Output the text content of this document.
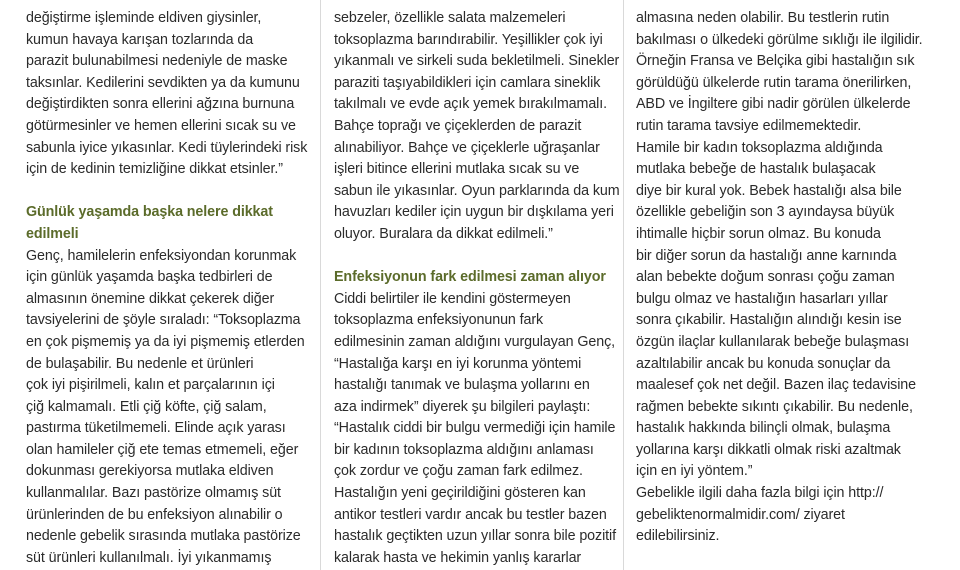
değiştirme işleminde eldiven giysinler,
kumun havaya karışan tozlarında da
parazit bulunabilmesi nedeniyle de maske
taksınlar. Kedilerini sevdikten ya da kumunu
değiştirdikten sonra ellerini ağzına burnuna
götürmesinler ve hemen ellerini sıcak su ve
sabunla iyice yıkasınlar. Kedi tüylerindeki risk
için de kedinin temizliğine dikkat etsinler.”
Günlük yaşamda başka nelere dikkat
edilmeli
Genç, hamilelerin enfeksiyondan korunmak
için günlük yaşamda başka tedbirleri de
almasının önemine dikkat çekerek diğer
tavsiyelerini de şöyle sıraladı: “Toksoplazma
en çok pişmemiş ya da iyi pişmemiş etlerden
de bulaşabilir. Bu nedenle et ürünleri
çok iyi pişirilmeli, kalın et parçalarının içi
çiğ kalmamalı. Etli çiğ köfte, çiğ salam,
pastırma tüketilmemeli. Elinde açık yarası
olan hamileler çiğ ete temas etmemeli, eğer
dokunması gerekiyorsa mutlaka eldiven
kullanmalılar. Bazı pastörize olmamış süt
ürünlerinden de bu enfeksiyon alınabilir o
nedenle gebelik sırasında mutlaka pastörize
süt ürünleri kullanılmalı. İyi yıkanmamış
sebzeler, özellikle salata malzemeleri
toksoplazma barındırabilir. Yeşillikler çok iyi
yıkanmalı ve sirkeli suda bekletilmeli. Sinekler
paraziti taşıyabildikleri için camlara sineklik
takılmalı ve evde açık yemek bırakılmamalı.
Bahçe toprağı ve çiçeklerden de parazit
alınabiliyor. Bahçe ve çiçeklerle uğraşanlar
işleri bitince ellerini mutlaka sıcak su ve
sabun ile yıkasınlar. Oyun parklarında da kum
havuzları kediler için uygun bir dışkılama yeri
oluyor. Buralara da dikkat edilmeli.”
Enfeksiyonun fark edilmesi zaman alıyor
Ciddi belirtiler ile kendini göstermeyen
toksoplazma enfeksiyonunun fark
edilmesinin zaman aldığını vurgulayan Genç,
“Hastalığa karşı en iyi korunma yöntemi
hastalığı tanımak ve bulaşma yollarını en
aza indirmek” diyerek şu bilgileri paylaştı:
“Hastalık ciddi bir bulgu vermediği için hamile
bir kadının toksoplazma aldığını anlaması
çok zordur ve çoğu zaman fark edilmez.
Hastalığın yeni geçirildiğini gösteren kan
antikor testleri vardır ancak bu testler bazen
hastalık geçtikten uzun yıllar sonra bile pozitif
kalarak hasta ve hekimin yanlış kararlar
almasına neden olabilir. Bu testlerin rutin
bakılması o ülkedeki görülme sıklığı ile ilgilidir.
Örneğin Fransa ve Belçika gibi hastalığın sık
görüldüğü ülkelerde rutin tarama önerilirken,
ABD ve İngiltere gibi nadir görülen ülkelerde
rutin tarama tavsiye edilmemektedir.
Hamile bir kadın toksoplazma aldığında
mutlaka bebeğe de hastalık bulaşacak
diye bir kural yok. Bebek hastalığı alsa bile
özellikle gebeliğin son 3 ayındaysa büyük
ihtimalle hiçbir sorun olmaz. Bu konuda
bir diğer sorun da hastalığı anne karnında
alan bebekte doğum sonrası çoğu zaman
bulgu olmaz ve hastalığın hasarları yıllar
sonra çıkabilir. Hastalığın alındığı kesin ise
özgün ilaçlar kullanılarak bebeğe bulaşması
azaltılabilir ancak bu konuda sonuçlar da
maalesef çok net değil. Bazen ilaç tedavisine
rağmen bebekte sıkıntı çıkabilir. Bu nedenle,
hastalık hakkında bilinçli olmak, bulaşma
yollarına karşı dikkatli olmak riski azaltmak
için en iyi yöntem.”
Gebelikle ilgili daha fazla bilgi için http://
gebeliktenormalmidir.com/ ziyaret
edilebilirsiniz.
